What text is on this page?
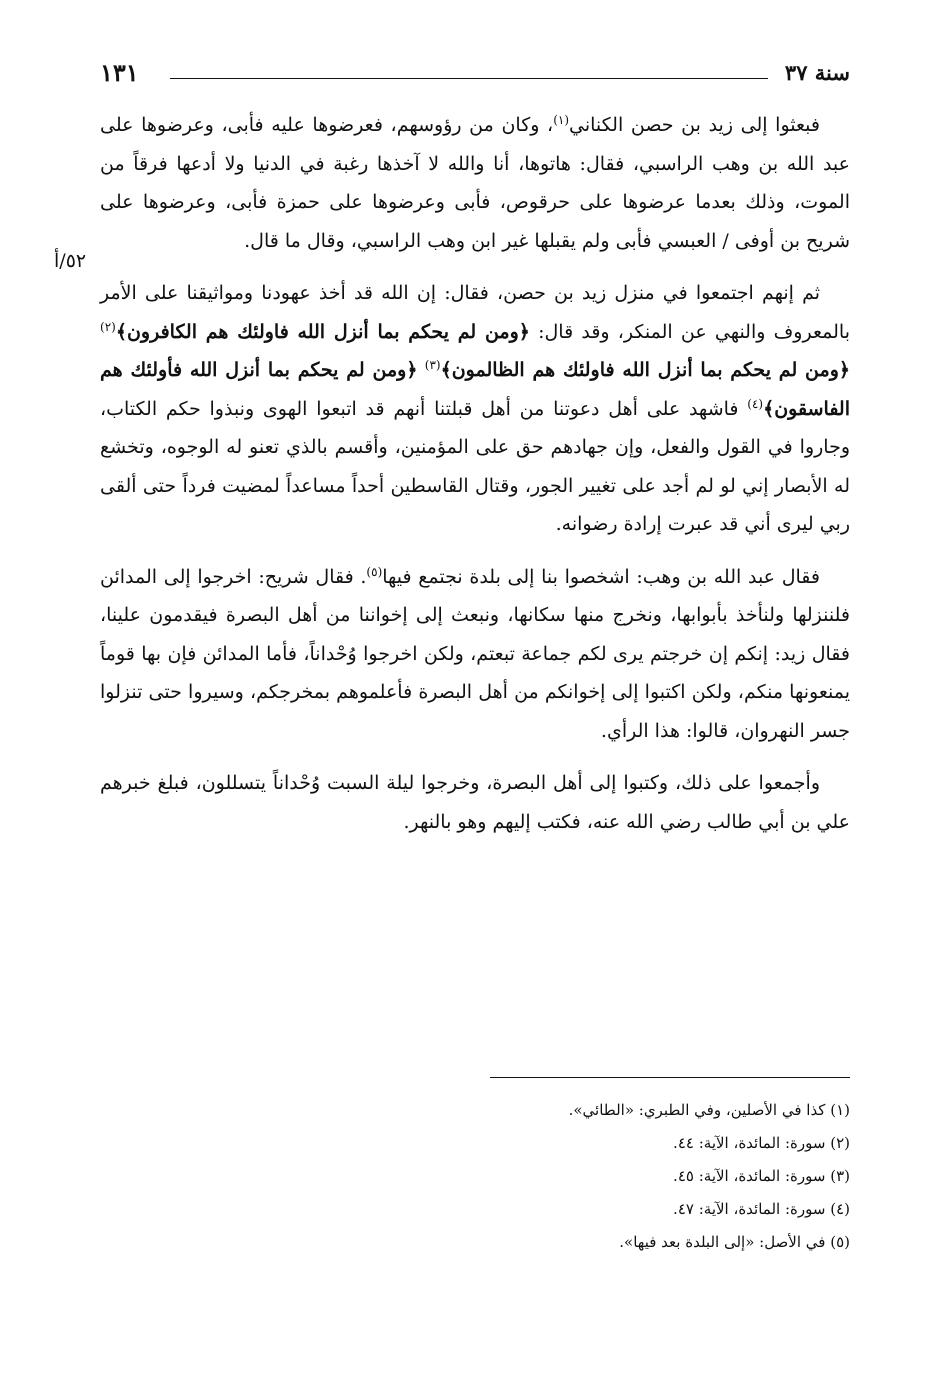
سنة ٣٧
١٣١
٥٢/أ

فبعثوا إلى زيد بن حصن الكناني$^{(١)}$، وكان من رؤوسهم، فعرضوها عليه فأبى، وعرضوها على عبد الله بن وهب الراسبي، فقال: هاتوها، أنا والله لا آخذها رغبة في الدنيا ولا أدعها فرقاً من الموت، وذلك بعدما عرضوها على حرقوص، فأبى وعرضوها على حمزة فأبى، وعرضوها على شريح بن أوفى / العبسي فأبى ولم يقبلها غير ابن وهب الراسبي، وقال ما قال.

ثم إنهم اجتمعوا في منزل زيد بن حصن، فقال: إن الله قد أخذ عهودنا ومواثيقنا على الأمر بالمعروف والنهي عن المنكر، وقد قال: ﴿ومن لم يحكم بما أنزل الله فاولئك هم الكافرون﴾$^{(٢)}$ ﴿ومن لم يحكم بما أنزل الله فاولئك هم الظالمون﴾$^{(٣)}$ ﴿ومن لم يحكم بما أنزل الله فأولئك هم الفاسقون﴾$^{(٤)}$ فاشهد على أهل دعوتنا من أهل قبلتنا أنهم قد اتبعوا الهوى ونبذوا حكم الكتاب، وجاروا في القول والفعل، وإن جهادهم حق على المؤمنين، وأقسم بالذي تعنو له الوجوه، وتخشع له الأبصار إني لو لم أجد على تغيير الجور، وقتال القاسطين أحداً مساعداً لمضيت فرداً حتى ألقى ربي ليرى أني قد عبرت إرادة رضوانه.

فقال عبد الله بن وهب: اشخصوا بنا إلى بلدة نجتمع فيها$^{(٥)}$. فقال شريح: اخرجوا إلى المدائن فلننزلها ولنأخذ بأبوابها، ونخرج منها سكانها، ونبعث إلى إخواننا من أهل البصرة فيقدمون علينا، فقال زيد: إنكم إن خرجتم يرى لكم جماعة تبعتم، ولكن اخرجوا وُحْداناً، فأما المدائن فإن بها قوماً يمنعونها منكم، ولكن اكتبوا إلى إخوانكم من أهل البصرة فأعلموهم بمخرجكم، وسيروا حتى تنزلوا جسر النهروان، قالوا: هذا الرأي.

وأجمعوا على ذلك، وكتبوا إلى أهل البصرة، وخرجوا ليلة السبت وُحْداناً يتسللون، فبلغ خبرهم علي بن أبي طالب رضي الله عنه، فكتب إليهم وهو بالنهر.

(١) كذا في الأصلين، وفي الطبري: «الطائي».
(٢) سورة: المائدة، الآية: ٤٤.
(٣) سورة: المائدة، الآية: ٤٥.
(٤) سورة: المائدة، الآية: ٤٧.
(٥) في الأصل: «إلى البلدة بعد فيها».
